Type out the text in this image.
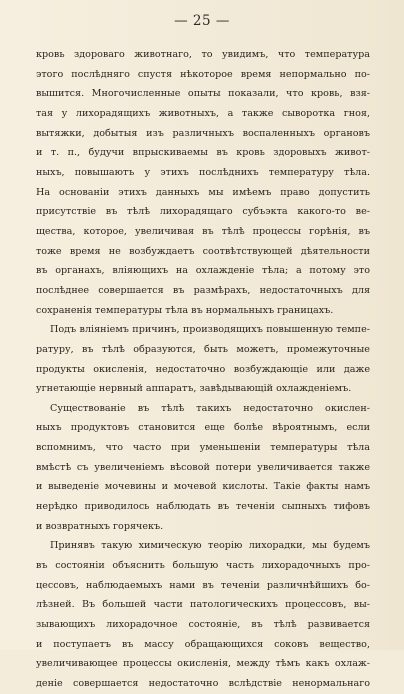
— 25 —
кровь здороваго животнаго, то увидимъ, что температура
этого послѣдняго спустя нѣкоторое время непормально по-
вышится. Многочисленные опыты показали, что кровь, взя-
тая у лихорадящихъ животныхъ, а также сыворотка гноя,
вытяжки, добытыя изъ различныхъ воспаленныхъ органовъ
и т. п., будучи впрыскиваемы въ кровь здоровыхъ живот-
ныхъ, повышаютъ у этихъ послѣднихъ температуру тѣла.
На основаніи этихъ данныхъ мы имѣемъ право допустить
присутствіе въ тѣлѣ лихорадящаго субъэкта какого-то ве-
щества, которое, увеличивая въ тѣлѣ процессы горѣнія, въ
тоже время не возбуждаетъ соотвѣтствующей дѣятельности
въ органахъ, вліяющихъ на охлажденіе тѣла; а потому это
послѣднее совершается въ размѣрахъ, недостаточныхъ для
сохраненія температуры тѣла въ нормальныхъ границахъ.
Подъ вліяніемъ причинъ, производящихъ повышенную темпе-
ратуру, въ тѣлѣ образуются, быть можетъ, промежуточные
продукты окисленія, недостаточно возбуждающіе или даже
угнетающіе нервный аппаратъ, завѣдывающій охлажденіемъ.
Существованіе въ тѣлѣ такихъ недостаточно окислен-
ныхъ продуктовъ становится еще болѣе вѣроятнымъ, если
вспомнимъ, что часто при уменьшеніи температуры тѣла
вмѣстѣ съ увеличеніемъ вѣсовой потери увеличивается также
и выведеніе мочевины и мочевой кислоты. Такіе факты намъ
нерѣдко приводилось наблюдать въ теченіи сыпныхъ тифовъ
и возвратныхъ горячекъ.
Принявъ такую химическую теорію лихорадки, мы будемъ
въ состояніи объяснить большую часть лихорадочныхъ про-
цессовъ, наблюдаемыхъ нами въ теченіи различнѣйшихъ бо-
лѣзней. Въ большей части патологическихъ процессовъ, вы-
зывающихъ лихорадочное состояніе, въ тѣлѣ развивается
и поступаетъ въ массу обращающихся соковъ вещество,
увеличивающее процессы окисленія, между тѣмъ какъ охлаж-
деніе совершается недостаточно вслѣдствіе ненормальнаго
